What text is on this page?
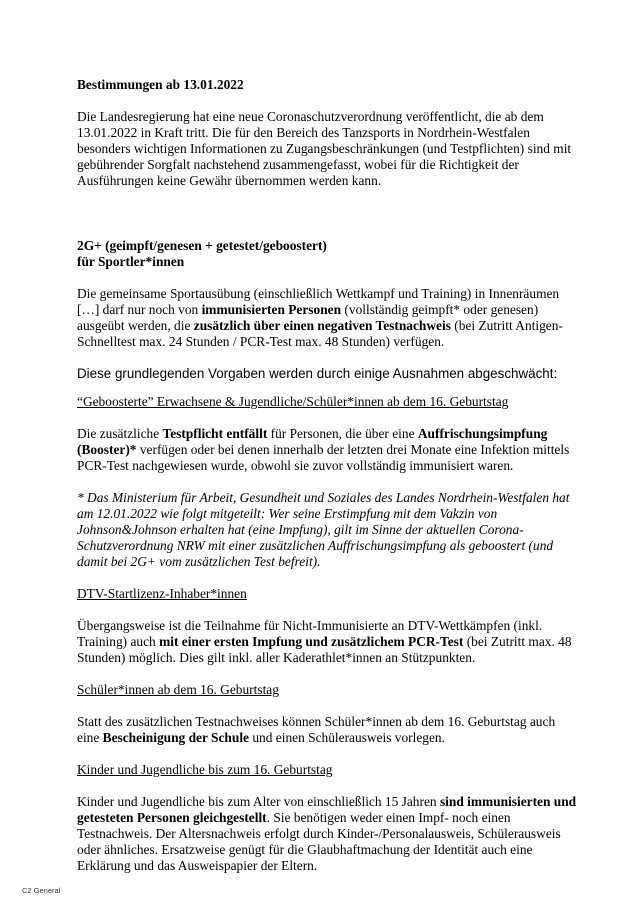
Bestimmungen ab 13.01.2022

Die Landesregierung hat eine neue Coronaschutzverordnung veröffentlicht, die ab dem 13.01.2022 in Kraft tritt. Die für den Bereich des Tanzsports in Nordrhein-Westfalen besonders wichtigen Informationen zu Zugangsbeschränkungen (und Testpflichten) sind mit gebührender Sorgfalt nachstehend zusammengefasst, wobei für die Richtigkeit der Ausführungen keine Gewähr übernommen werden kann.

2G+ (geimpft/genesen + getestet/geboostert)

für Sportler*innen

Die gemeinsame Sportausübung (einschließlich Wettkampf und Training) in Innenräumen […] darf nur noch von immunisierten Personen (vollständig geimpft* oder genesen) ausgeübt werden, die zusätzlich über einen negativen Testnachweis (bei Zutritt Antigen-Schnelltest max. 24 Stunden / PCR-Test max. 48 Stunden) verfügen.

Diese grundlegenden Vorgaben werden durch einige Ausnahmen abgeschwächt:

“Geboosterte” Erwachsene & Jugendliche/Schüler*innen ab dem 16. Geburtstag

Die zusätzliche Testpflicht entfällt für Personen, die über eine Auffrischungsimpfung (Booster)* verfügen oder bei denen innerhalb der letzten drei Monate eine Infektion mittels PCR-Test nachgewiesen wurde, obwohl sie zuvor vollständig immunisiert waren.

* Das Ministerium für Arbeit, Gesundheit und Soziales des Landes Nordrhein-Westfalen hat am 12.01.2022 wie folgt mitgeteilt: Wer seine Erstimpfung mit dem Vakzin von Johnson&Johnson erhalten hat (eine Impfung), gilt im Sinne der aktuellen Corona-Schutzverordnung NRW mit einer zusätzlichen Auffrischungsimpfung als geboostert (und damit bei 2G+ vom zusätzlichen Test befreit).

DTV-Startlizenz-Inhaber*innen

Übergangsweise ist die Teilnahme für Nicht-Immunisierte an DTV-Wettkämpfen (inkl. Training) auch mit einer ersten Impfung und zusätzlichem PCR-Test (bei Zutritt max. 48 Stunden) möglich. Dies gilt inkl. aller Kaderathlet*innen an Stützpunkten.

Schüler*innen ab dem 16. Geburtstag

Statt des zusätzlichen Testnachweises können Schüler*innen ab dem 16. Geburtstag auch eine Bescheinigung der Schule und einen Schülerausweis vorlegen.

Kinder und Jugendliche bis zum 16. Geburtstag

Kinder und Jugendliche bis zum Alter von einschließlich 15 Jahren sind immunisierten und getesteten Personen gleichgestellt. Sie benötigen weder einen Impf- noch einen Testnachweis. Der Altersnachweis erfolgt durch Kinder-/Personalausweis, Schülerausweis oder ähnliches. Ersatzweise genügt für die Glaubhaftmachung der Identität auch eine Erklärung und das Ausweispapier der Eltern.

C2 General
